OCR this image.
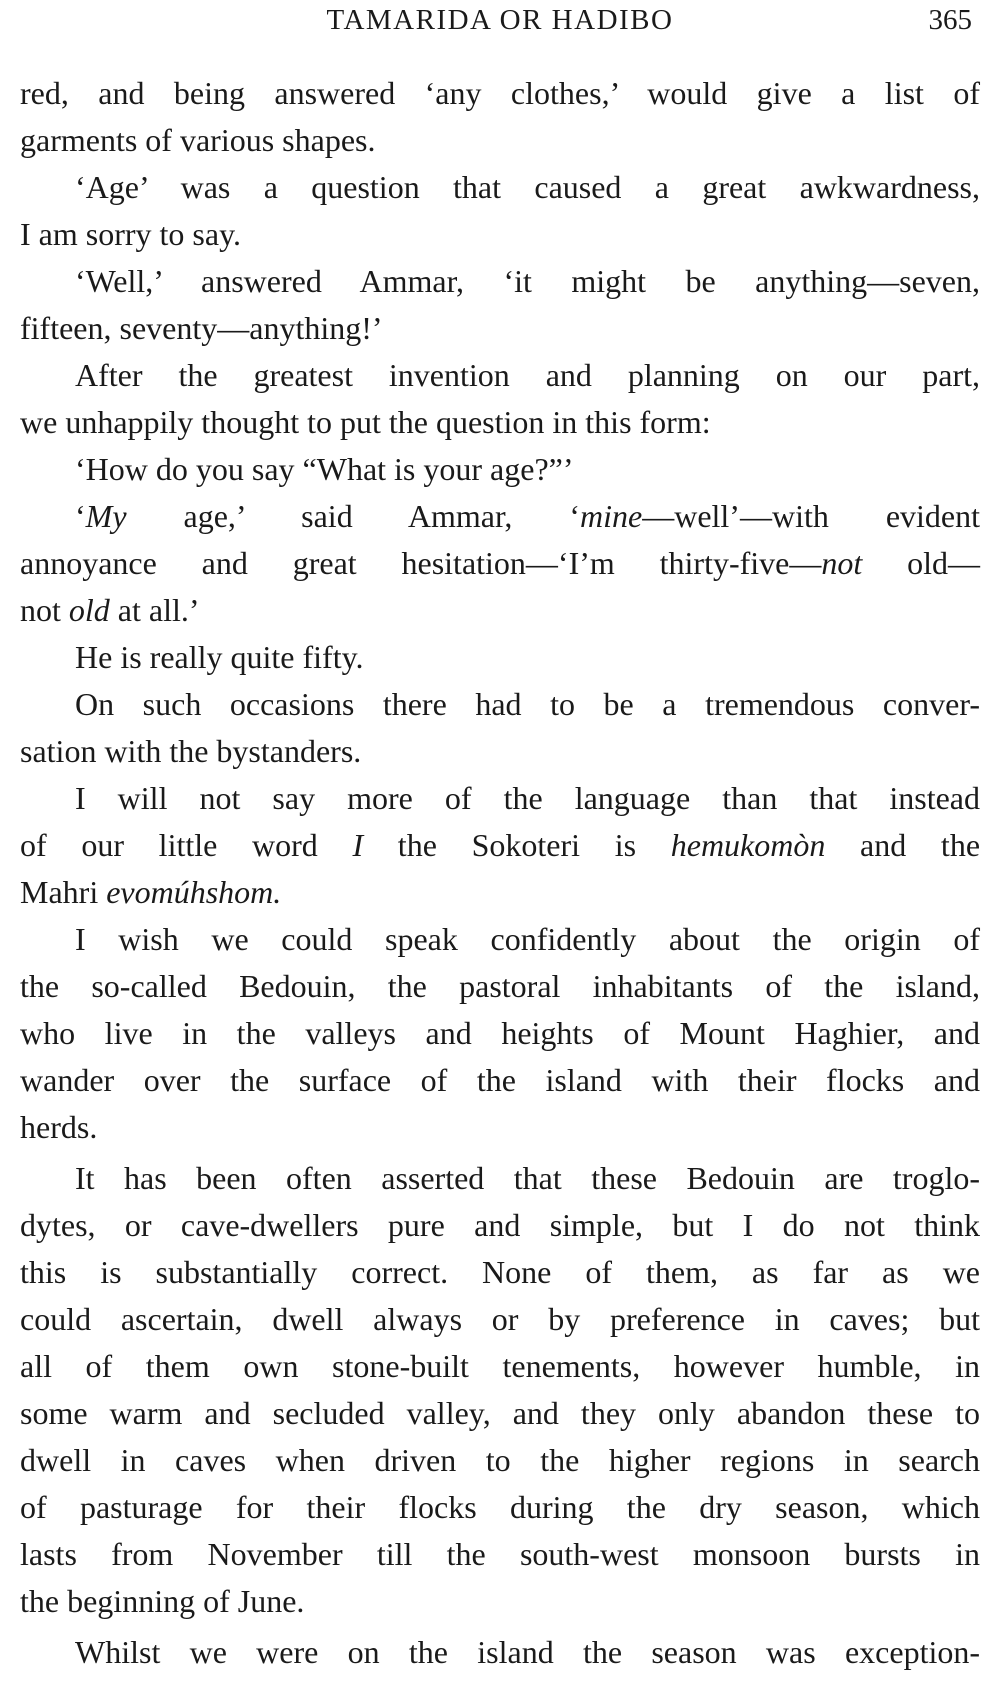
TAMARIDA OR HADIBO	365
red, and being answered ‘any clothes,’ would give a list of
garments of various shapes.
‘Age’ was a question that caused a great awkwardness,
I am sorry to say.
‘Well,’ answered Ammar, ‘it might be anything—seven,
fifteen, seventy—anything!’
After the greatest invention and planning on our part,
we unhappily thought to put the question in this form:
‘How do you say “What is your age?”’
‘My age,’ said Ammar, ‘mine—well’—with evident
annoyance and great hesitation—‘I’m thirty-five—not old—
not old at all.’
He is really quite fifty.
On such occasions there had to be a tremendous conver-
sation with the bystanders.
I will not say more of the language than that instead
of our little word I the Sokoteri is hemukomòn and the
Mahri evomúhshom.
I wish we could speak confidently about the origin of
the so-called Bedouin, the pastoral inhabitants of the island,
who live in the valleys and heights of Mount Haghier, and
wander over the surface of the island with their flocks and
herds.
It has been often asserted that these Bedouin are troglo-
dytes, or cave-dwellers pure and simple, but I do not think
this is substantially correct. None of them, as far as we
could ascertain, dwell always or by preference in caves; but
all of them own stone-built tenements, however humble, in
some warm and secluded valley, and they only abandon these to
dwell in caves when driven to the higher regions in search
of pasturage for their flocks during the dry season, which
lasts from November till the south-west monsoon bursts in
the beginning of June.
Whilst we were on the island the season was exception-
